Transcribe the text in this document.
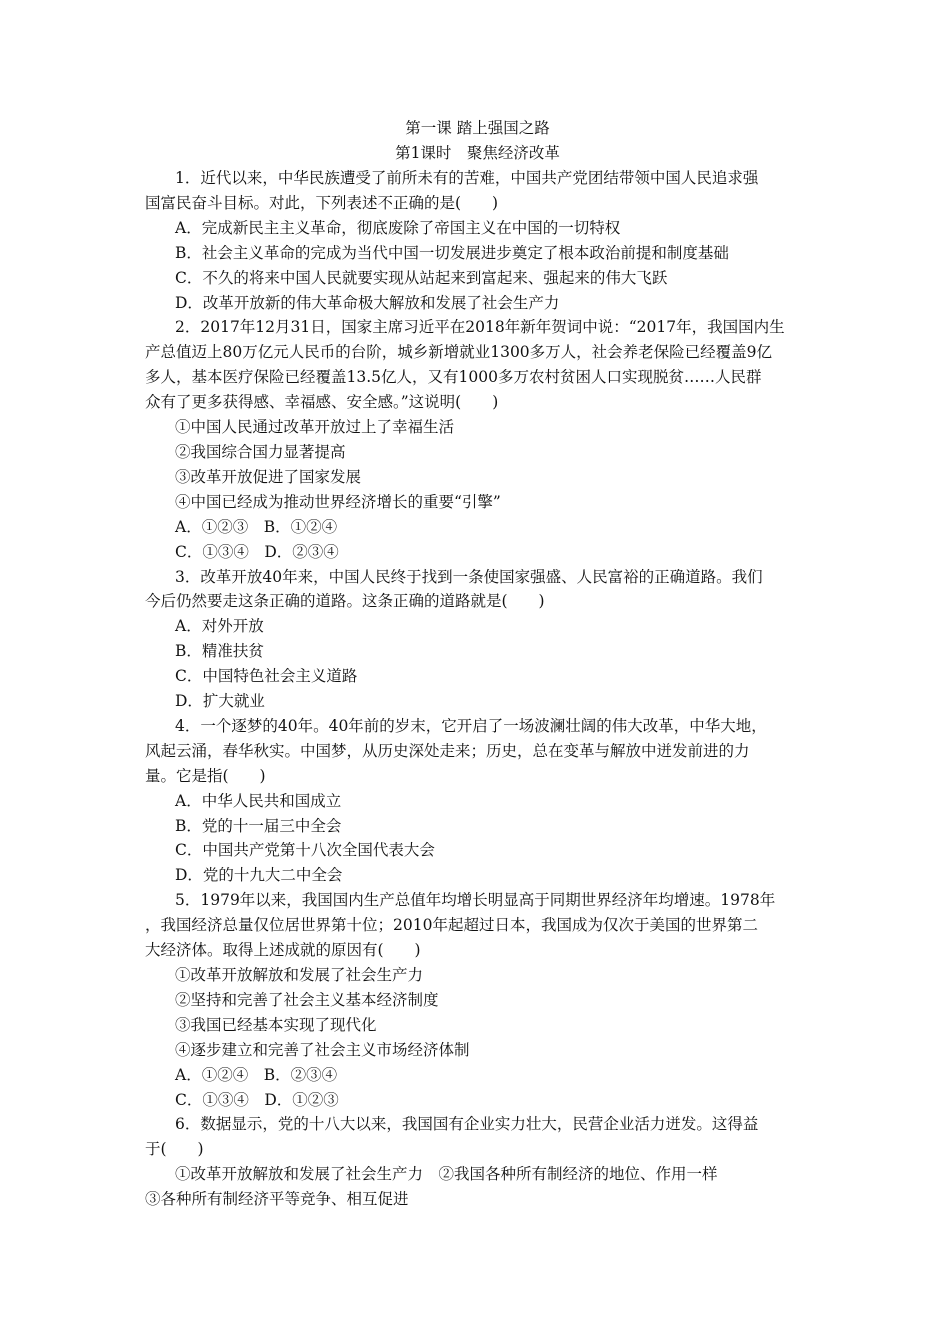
第一课 踏上强国之路

第1课时　聚焦经济改革

1．近代以来，中华民族遭受了前所未有的苦难，中国共产党团结带领中国人民追求强

国富民奋斗目标。对此，下列表述不正确的是(　　)

A．完成新民主主义革命，彻底废除了帝国主义在中国的一切特权

B．社会主义革命的完成为当代中国一切发展进步奠定了根本政治前提和制度基础

C．不久的将来中国人民就要实现从站起来到富起来、强起来的伟大飞跃

D．改革开放新的伟大革命极大解放和发展了社会生产力

2．2017年12月31日，国家主席习近平在2018年新年贺词中说：“2017年，我国国内生

产总值迈上80万亿元人民币的台阶，城乡新增就业1300多万人，社会养老保险已经覆盖9亿

多人，基本医疗保险已经覆盖13.5亿人，又有1000多万农村贫困人口实现脱贫……人民群

众有了更多获得感、幸福感、安全感。”这说明(　　)

①中国人民通过改革开放过上了幸福生活

②我国综合国力显著提高

③改革开放促进了国家发展

④中国已经成为推动世界经济增长的重要“引擎”

A．①②③　B．①②④

C．①③④　D．②③④

3．改革开放40年来，中国人民终于找到一条使国家强盛、人民富裕的正确道路。我们

今后仍然要走这条正确的道路。这条正确的道路就是(　　)

A．对外开放

B．精准扶贫

C．中国特色社会主义道路

D．扩大就业

4．一个逐梦的40年。40年前的岁末，它开启了一场波澜壮阔的伟大改革，中华大地，

风起云涌，春华秋实。中国梦，从历史深处走来；历史，总在变革与解放中迸发前进的力

量。它是指(　　)

A．中华人民共和国成立

B．党的十一届三中全会

C．中国共产党第十八次全国代表大会

D．党的十九大二中全会

5．1979年以来，我国国内生产总值年均增长明显高于同期世界经济年均增速。1978年

，我国经济总量仅位居世界第十位；2010年起超过日本，我国成为仅次于美国的世界第二

大经济体。取得上述成就的原因有(　　)

①改革开放解放和发展了社会生产力

②坚持和完善了社会主义基本经济制度

③我国已经基本实现了现代化

④逐步建立和完善了社会主义市场经济体制

A．①②④　B．②③④

C．①③④　D．①②③

6．数据显示，党的十八大以来，我国国有企业实力壮大，民营企业活力迸发。这得益

于(　　)

①改革开放解放和发展了社会生产力　②我国各种所有制经济的地位、作用一样

③各种所有制经济平等竞争、相互促进
